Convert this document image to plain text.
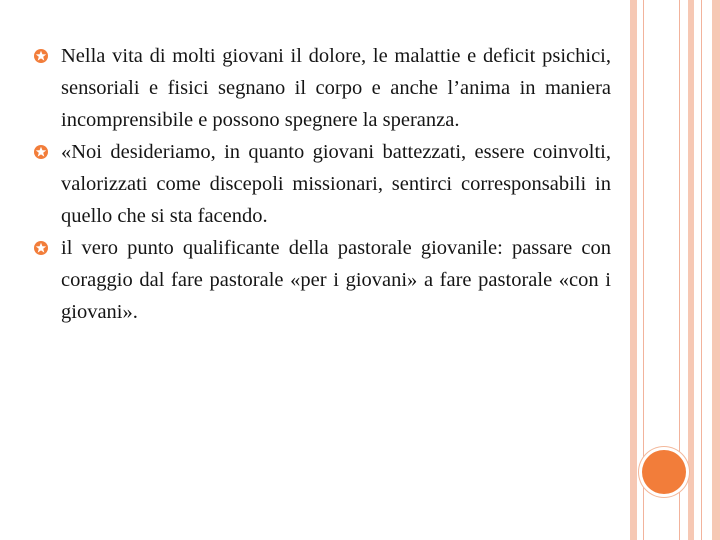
Nella vita di molti giovani il dolore, le malattie e deficit psichici, sensoriali e fisici segnano il corpo e anche l’anima in maniera incomprensibile e possono spegnere la speranza.
«Noi desideriamo, in quanto giovani battezzati, essere coinvolti, valorizzati come discepoli missionari, sentirci corresponsabili in quello che si sta facendo.
il vero punto qualificante della pastorale giovanile: passare con coraggio dal fare pastorale «per i giovani» a fare pastorale «con i giovani».
